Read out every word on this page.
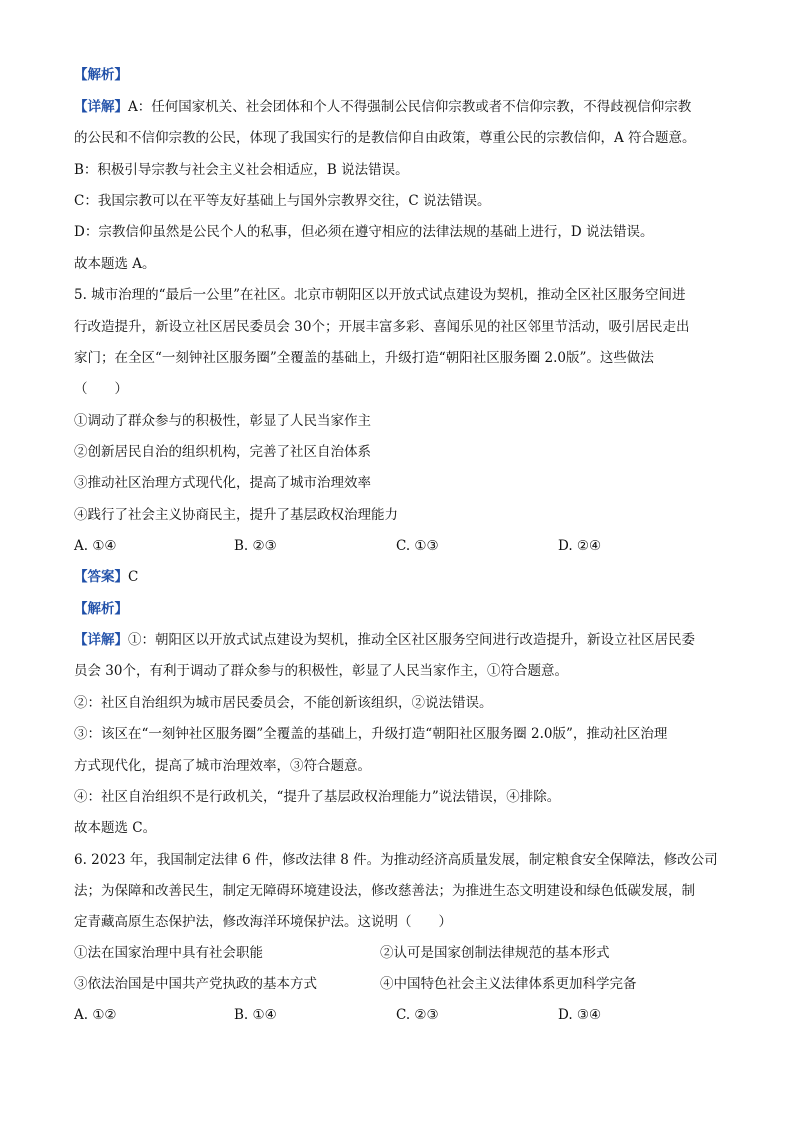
【解析】
【详解】A：任何国家机关、社会团体和个人不得强制公民信仰宗教或者不信仰宗教，不得歧视信仰宗教
的公民和不信仰宗教的公民，体现了我国实行的是教信仰自由政策，尊重公民的宗教信仰，A 符合题意。
B：积极引导宗教与社会主义社会相适应，B 说法错误。
C：我国宗教可以在平等友好基础上与国外宗教界交往，C 说法错误。
D：宗教信仰虽然是公民个人的私事，但必须在遵守相应的法律法规的基础上进行，D 说法错误。
故本题选 A。
5. 城市治理的“最后一公里”在社区。北京市朝阳区以开放式试点建设为契机，推动全区社区服务空间进
行改造提升，新设立社区居民委员会 30个；开展丰富多彩、喜闻乐见的社区邻里节活动，吸引居民走出
家门；在全区“一刻钟社区服务圈”全覆盖的基础上，升级打造“朝阳社区服务圈 2.0版”。这些做法
（　　）
①调动了群众参与的积极性，彰显了人民当家作主
②创新居民自治的组织机构，完善了社区自治体系
③推动社区治理方式现代化，提高了城市治理效率
④践行了社会主义协商民主，提升了基层政权治理能力
A. ①④	B. ②③	C. ①③	D. ②④
【答案】C
【解析】
【详解】①：朝阳区以开放式试点建设为契机，推动全区社区服务空间进行改造提升，新设立社区居民委
员会 30个，有利于调动了群众参与的积极性，彰显了人民当家作主，①符合题意。
②：社区自治组织为城市居民委员会，不能创新该组织，②说法错误。
③：该区在“一刻钟社区服务圈”全覆盖的基础上，升级打造“朝阳社区服务圈 2.0版”，推动社区治理
方式现代化，提高了城市治理效率，③符合题意。
④：社区自治组织不是行政机关，“提升了基层政权治理能力”说法错误，④排除。
故本题选 C。
6. 2023 年，我国制定法律 6 件，修改法律 8 件。为推动经济高质量发展，制定粮食安全保障法，修改公司
法；为保障和改善民生，制定无障碍环境建设法，修改慈善法；为推进生态文明建设和绿色低碳发展，制
定青藏高原生态保护法，修改海洋环境保护法。这说明（　　）
①法在国家治理中具有社会职能	②认可是国家创制法律规范的基本形式
③依法治国是中国共产党执政的基本方式	④中国特色社会主义法律体系更加科学完备
A. ①②	B. ①④	C. ②③	D. ③④
